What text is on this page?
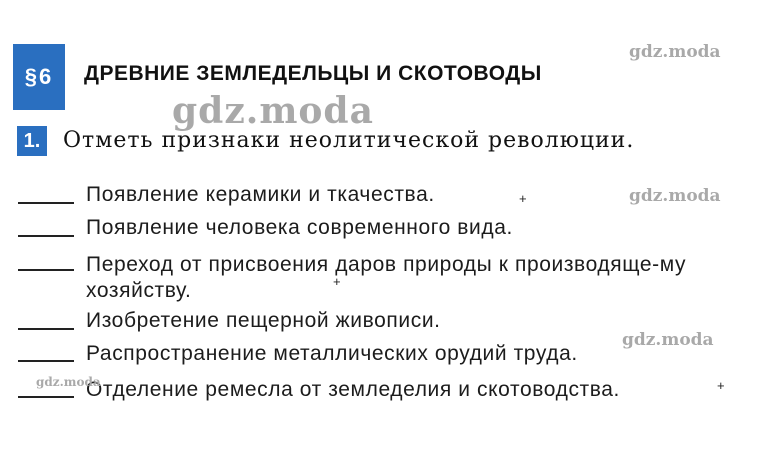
§6	ДРЕВНИЕ ЗЕМЛЕДЕЛЬЦЫ И СКОТОВОДЫ
1.	Отметь признаки неолитической революции.
Появление керамики и ткачества.	+
Появление человека современного вида.
Переход от присвоения даров природы к производяще-му хозяйству.	+
Изобретение пещерной живописи.
Распространение металлических орудий труда.
Отделение ремесла от земледелия и скотоводства.	+
gdz.moda
gdz.moda
gdz.moda
gdz.moda
gdz.moda
